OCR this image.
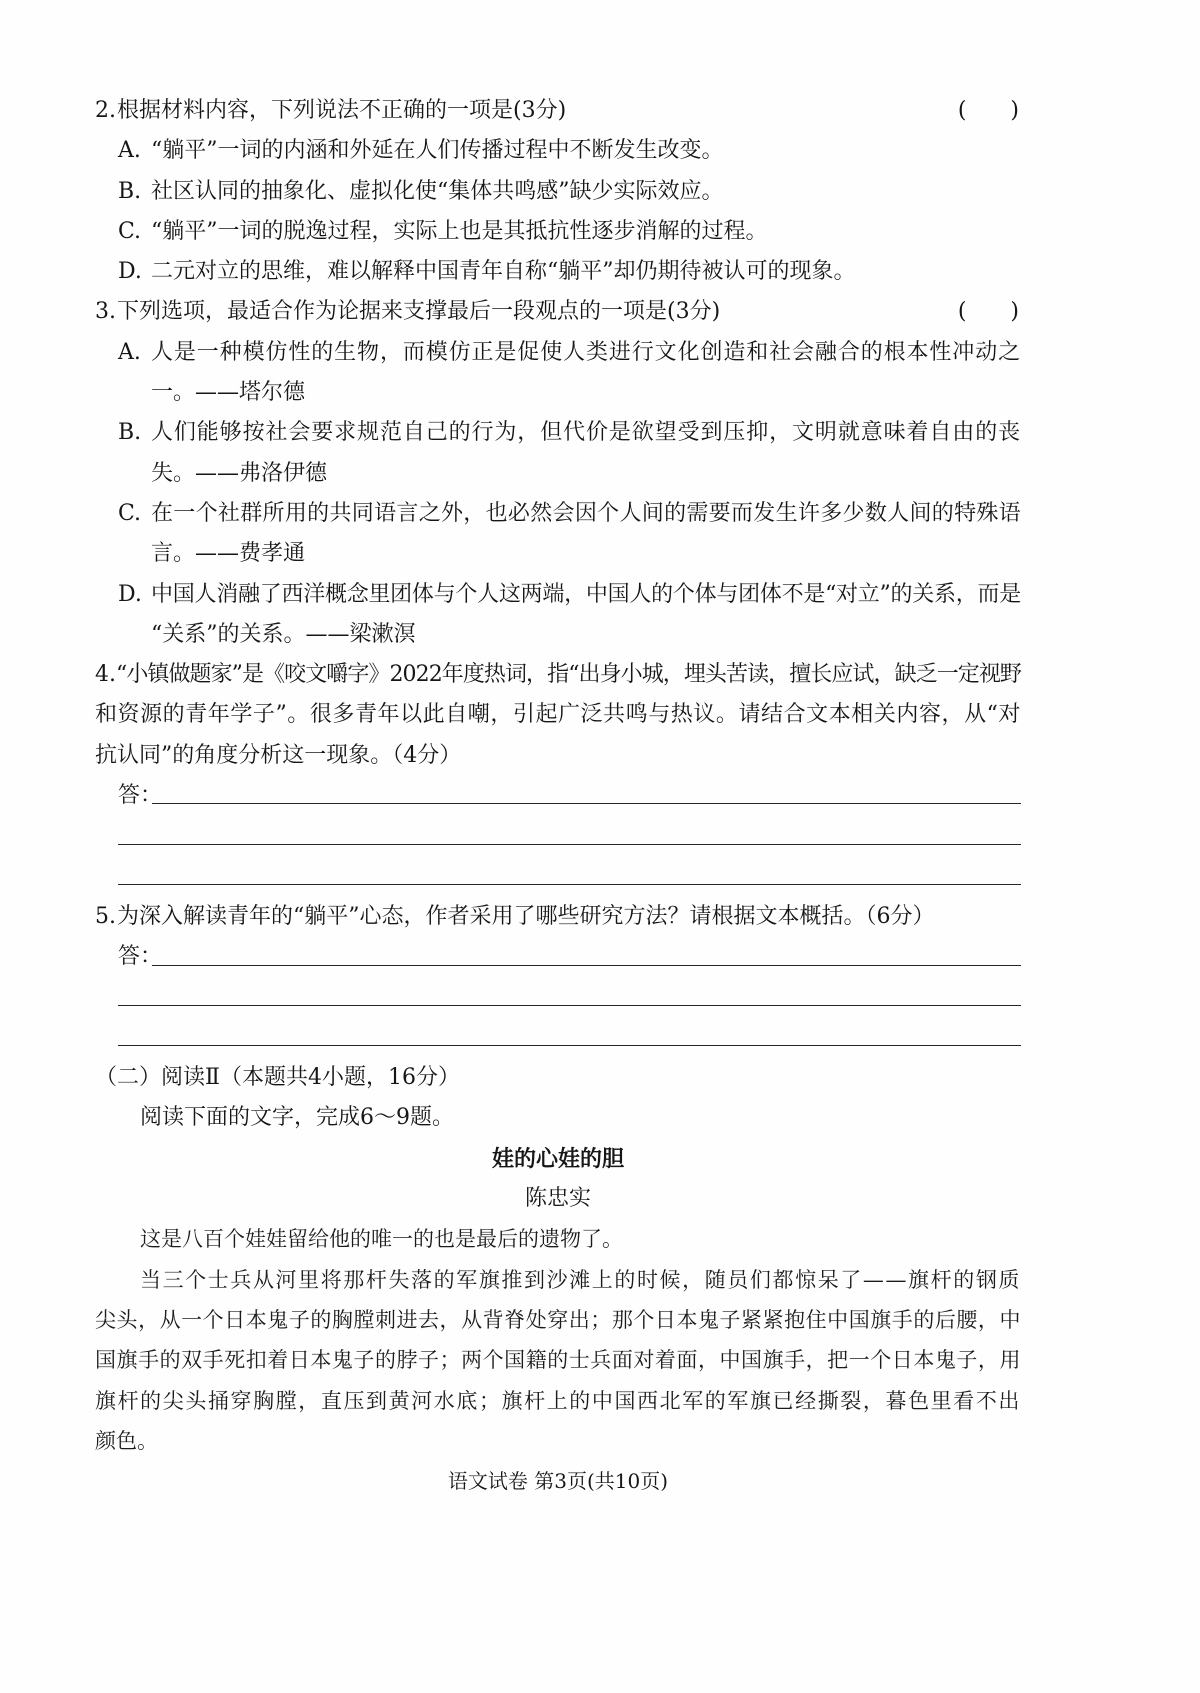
2. 根据材料内容，下列说法不正确的一项是(3分)	(　　)
A. “躺平”一词的内涵和外延在人们传播过程中不断发生改变。
B. 社区认同的抽象化、虚拟化使“集体共鸣感”缺少实际效应。
C. “躺平”一词的脱逸过程，实际上也是其抵抗性逐步消解的过程。
D. 二元对立的思维，难以解释中国青年自称“躺平”却仍期待被认可的现象。
3. 下列选项，最适合作为论据来支撑最后一段观点的一项是(3分)	(　　)
A. 人是一种模仿性的生物，而模仿正是促使人类进行文化创造和社会融合的根本性冲动之
一。——塔尔德
B. 人们能够按社会要求规范自己的行为，但代价是欲望受到压抑，文明就意味着自由的丧
失。——弗洛伊德
C. 在一个社群所用的共同语言之外，也必然会因个人间的需要而发生许多少数人间的特殊语
言。——费孝通
D. 中国人消融了西洋概念里团体与个人这两端，中国人的个体与团体不是“对立”的关系，而是
“关系”的关系。——梁漱溟
4. “小镇做题家”是《咬文嚼字》2022年度热词，指“出身小城，埋头苦读，擅长应试，缺乏一定视野
和资源的青年学子”。很多青年以此自嘲，引起广泛共鸣与热议。请结合文本相关内容，从“对
抗认同”的角度分析这一现象。（4分）
答：
5. 为深入解读青年的“躺平”心态，作者采用了哪些研究方法？请根据文本概括。（6分）
答：
（二）阅读Ⅱ（本题共4小题，16分）
阅读下面的文字，完成6～9题。
娃的心娃的胆
陈忠实
这是八百个娃娃留给他的唯一的也是最后的遗物了。
当三个士兵从河里将那杆失落的军旗推到沙滩上的时候，随员们都惊呆了——旗杆的钢质
尖头，从一个日本鬼子的胸膛刺进去，从背脊处穿出；那个日本鬼子紧紧抱住中国旗手的后腰，中
国旗手的双手死扣着日本鬼子的脖子；两个国籍的士兵面对着面，中国旗手，把一个日本鬼子，用
旗杆的尖头捅穿胸膛，直压到黄河水底；旗杆上的中国西北军的军旗已经撕裂，暮色里看不出
颜色。
语文试卷 第3页(共10页)
